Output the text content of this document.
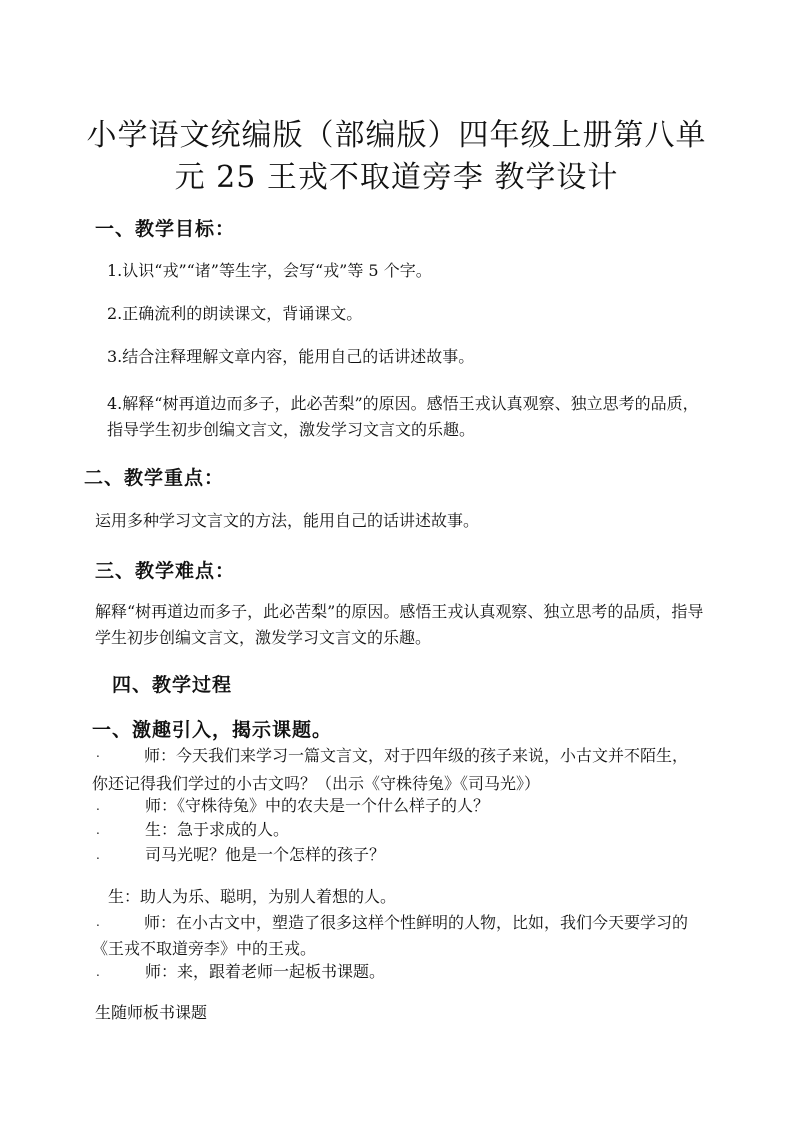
小学语文统编版（部编版）四年级上册第八单
元 25 王戎不取道旁李 教学设计
一、教学目标：
1.认识“戎”“诸”等生字，会写“戎”等 5 个字。
2.正确流利的朗读课文，背诵课文。
3.结合注释理解文章内容，能用自己的话讲述故事。
4.解释“树再道边而多子，此必苦梨”的原因。感悟王戎认真观察、独立思考的品质，指导学生初步创编文言文，激发学习文言文的乐趣。
二、教学重点：
运用多种学习文言文的方法，能用自己的话讲述故事。
三、教学难点：
解释“树再道边而多子，此必苦梨”的原因。感悟王戎认真观察、独立思考的品质，指导学生初步创编文言文，激发学习文言文的乐趣。
四、教学过程
一、激趣引入，揭示课题。
.	师：今天我们来学习一篇文言文，对于四年级的孩子来说，小古文并不陌生，你还记得我们学过的小古文吗？（出示《守株待兔》《司马光》）
.	师：《守株待兔》中的农夫是一个什么样子的人？
.	生：急于求成的人。
.	司马光呢？他是一个怎样的孩子？
生：助人为乐、聪明，为别人着想的人。
.	师：在小古文中，塑造了很多这样个性鲜明的人物，比如，我们今天要学习的《王戎不取道旁李》中的王戎。
.	师：来，跟着老师一起板书课题。
生随师板书课题
